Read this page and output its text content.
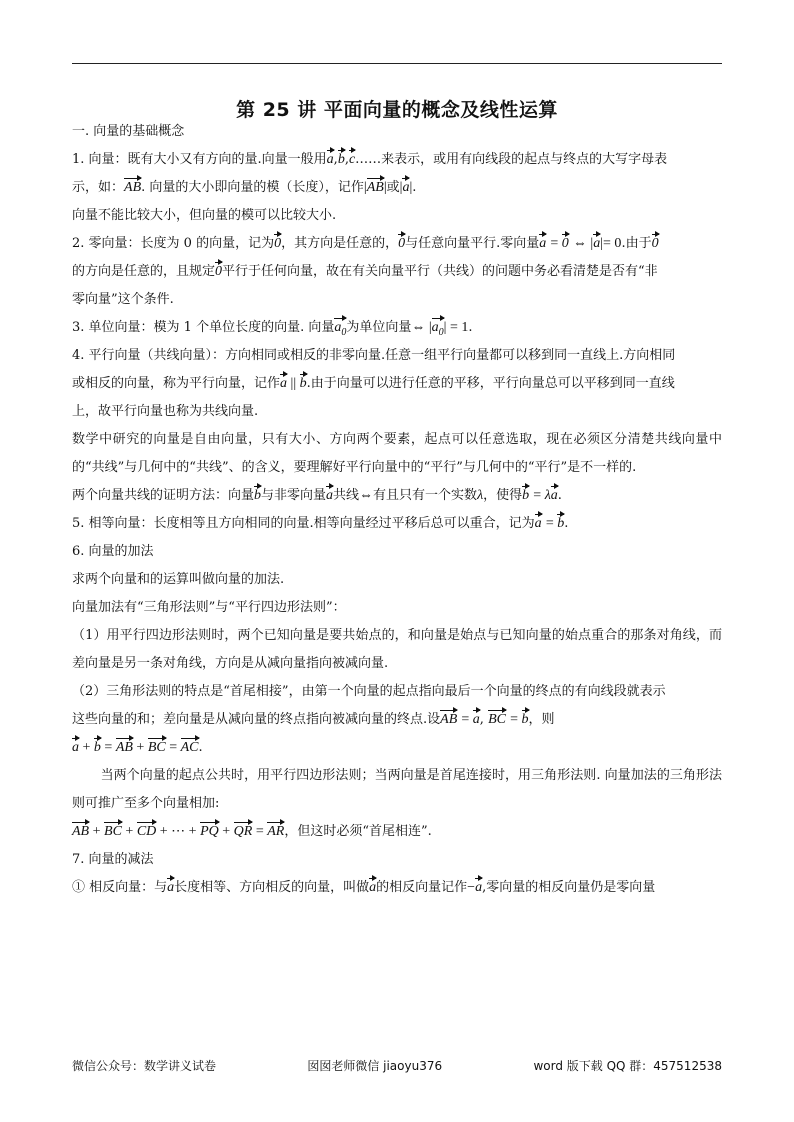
第 25 讲 平面向量的概念及线性运算

一. 向量的基础概念

1. 向量：既有大小又有方向的量.向量一般用a,b,c……来表示，或用有向线段的起点与终点的大写字母表
示，如：AB. 向量的大小即向量的模（长度），记作|AB|或|a|.
向量不能比较大小，但向量的模可以比较大小.

2. 零向量：长度为 0 的向量，记为0，其方向是任意的，0与任意向量平行.零向量a = 0 ⇔ |a|= 0.由于0
的方向是任意的，且规定0平行于任何向量，故在有关向量平行（共线）的问题中务必看清楚是否有“非
零向量”这个条件.

3. 单位向量：模为 1 个单位长度的向量. 向量$a_0$为单位向量⇔ $|a_0| = 1$.

4. 平行向量（共线向量）：方向相同或相反的非零向量.任意一组平行向量都可以移到同一直线上.方向相同
或相反的向量，称为平行向量，记作a || b.由于向量可以进行任意的平移，平行向量总可以平移到同一直线
上，故平行向量也称为共线向量.

数学中研究的向量是自由向量，只有大小、方向两个要素，起点可以任意选取，现在必须区分清楚共线向量中的“共线”与几何中的“共线”、的含义，要理解好平行向量中的“平行”与几何中的“平行”是不一样的.

两个向量共线的证明方法：向量b与非零向量a共线⇔有且只有一个实数λ，使得b = λa.

5. 相等向量：长度相等且方向相同的向量.相等向量经过平移后总可以重合，记为a = b.

6. 向量的加法

求两个向量和的运算叫做向量的加法.

向量加法有“三角形法则”与“平行四边形法则”：

（1）用平行四边形法则时，两个已知向量是要共始点的，和向量是始点与已知向量的始点重合的那条对角线，而差向量是另一条对角线，方向是从减向量指向被减向量.

（2）三角形法则的特点是“首尾相接”，由第一个向量的起点指向最后一个向量的终点的有向线段就表示
这些向量的和；差向量是从减向量的终点指向被减向量的终点.设AB = a, BC = b，则
a + b = AB + BC = AC.

当两个向量的起点公共时，用平行四边形法则；当两向量是首尾连接时，用三角形法则. 向量加法的三角形法则可推广至多个向量相加:

AB + BC + CD + ⋯ + PQ + QR = AR，但这时必须“首尾相连”.

7. 向量的减法

① 相反向量：与a长度相等、方向相反的向量，叫做a的相反向量记作−a,零向量的相反向量仍是零向量

微信公众号：数学讲义试卷	囡囡老师微信 jiaoyu376	word 版下载 QQ 群：457512538
